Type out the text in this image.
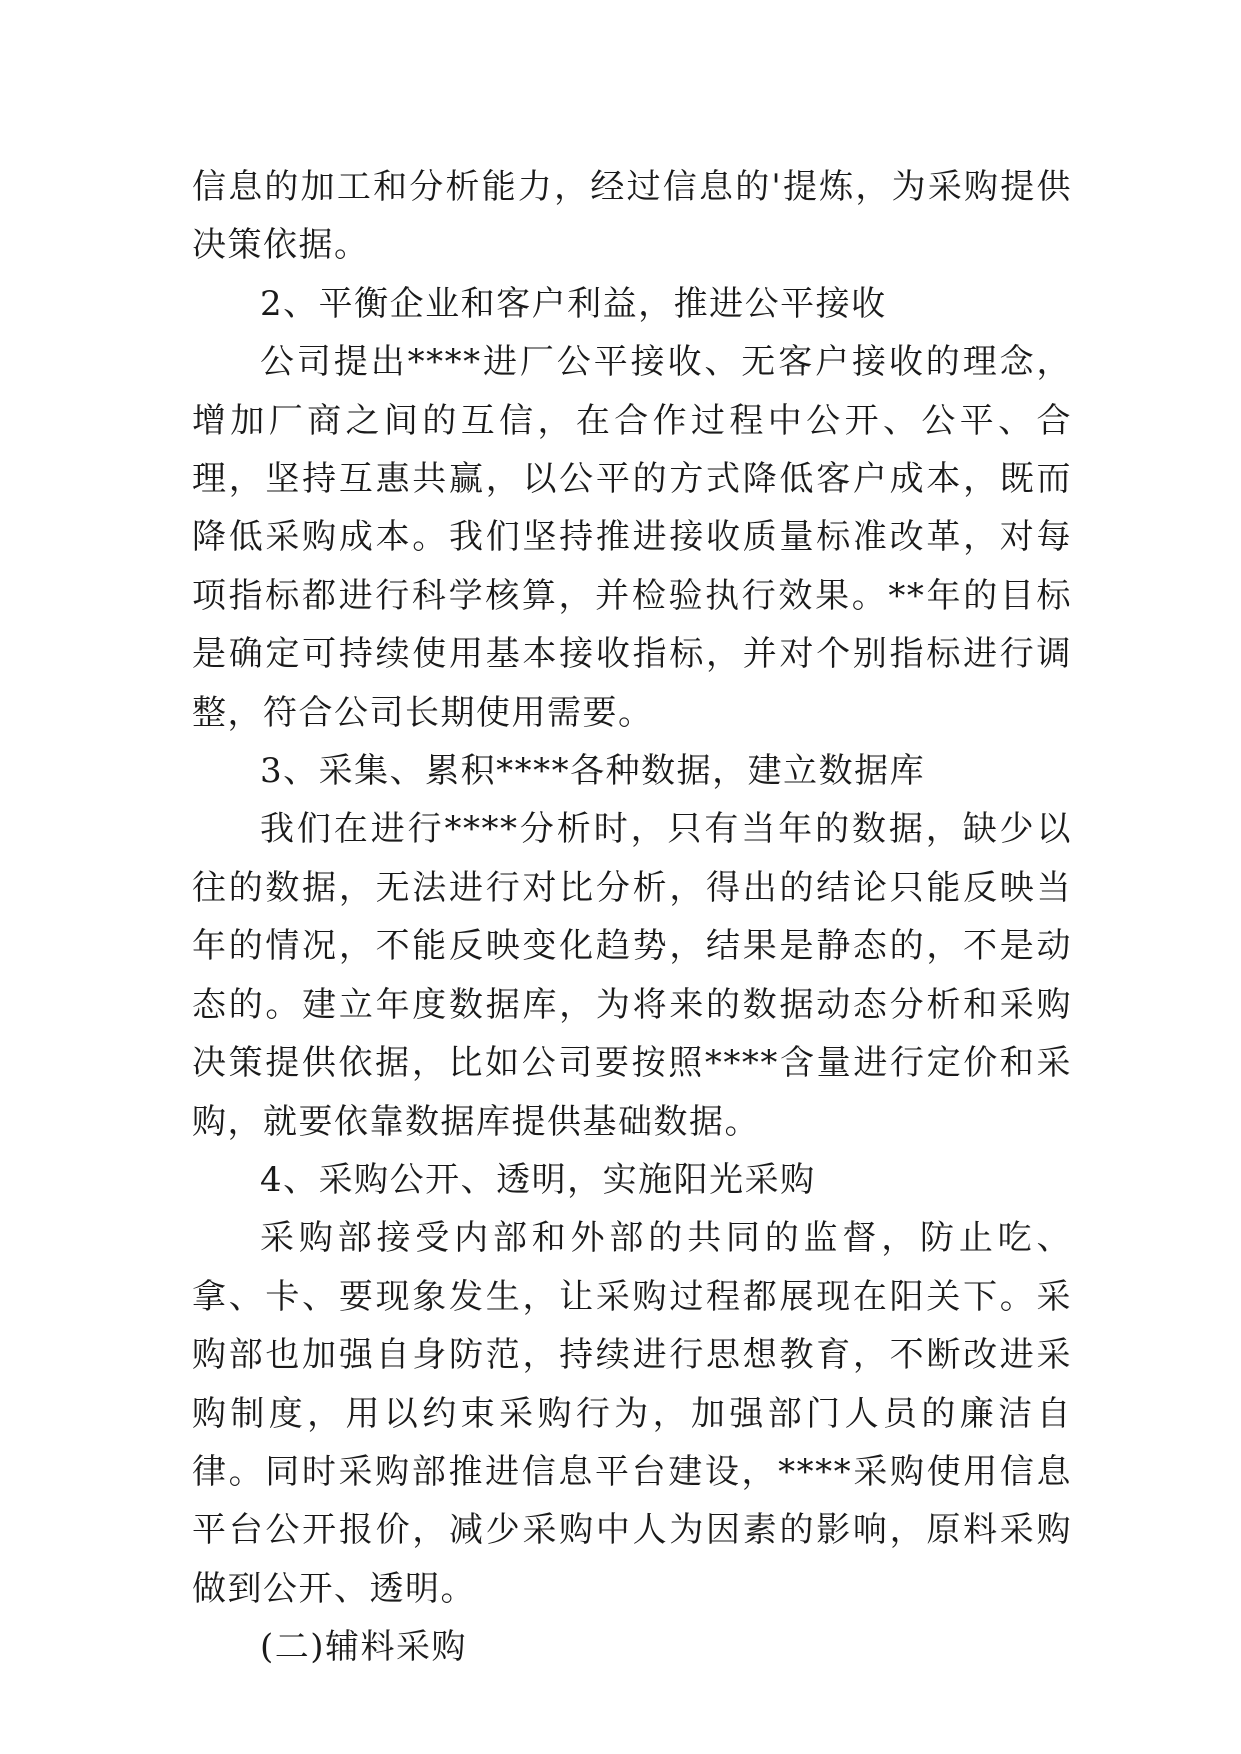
信息的加工和分析能力，经过信息的'提炼，为采购提供决策依据。

2、平衡企业和客户利益，推进公平接收

公司提出****进厂公平接收、无客户接收的理念，增加厂商之间的互信，在合作过程中公开、公平、合理，坚持互惠共赢，以公平的方式降低客户成本，既而降低采购成本。我们坚持推进接收质量标准改革，对每项指标都进行科学核算，并检验执行效果。**年的目标是确定可持续使用基本接收指标，并对个别指标进行调整，符合公司长期使用需要。

3、采集、累积****各种数据，建立数据库

我们在进行****分析时，只有当年的数据，缺少以往的数据，无法进行对比分析，得出的结论只能反映当年的情况，不能反映变化趋势，结果是静态的，不是动态的。建立年度数据库，为将来的数据动态分析和采购决策提供依据，比如公司要按照****含量进行定价和采购，就要依靠数据库提供基础数据。

4、采购公开、透明，实施阳光采购

采购部接受内部和外部的共同的监督，防止吃、拿、卡、要现象发生，让采购过程都展现在阳关下。采购部也加强自身防范，持续进行思想教育，不断改进采购制度，用以约束采购行为，加强部门人员的廉洁自律。同时采购部推进信息平台建设，****采购使用信息平台公开报价，减少采购中人为因素的影响，原料采购做到公开、透明。

(二)辅料采购
